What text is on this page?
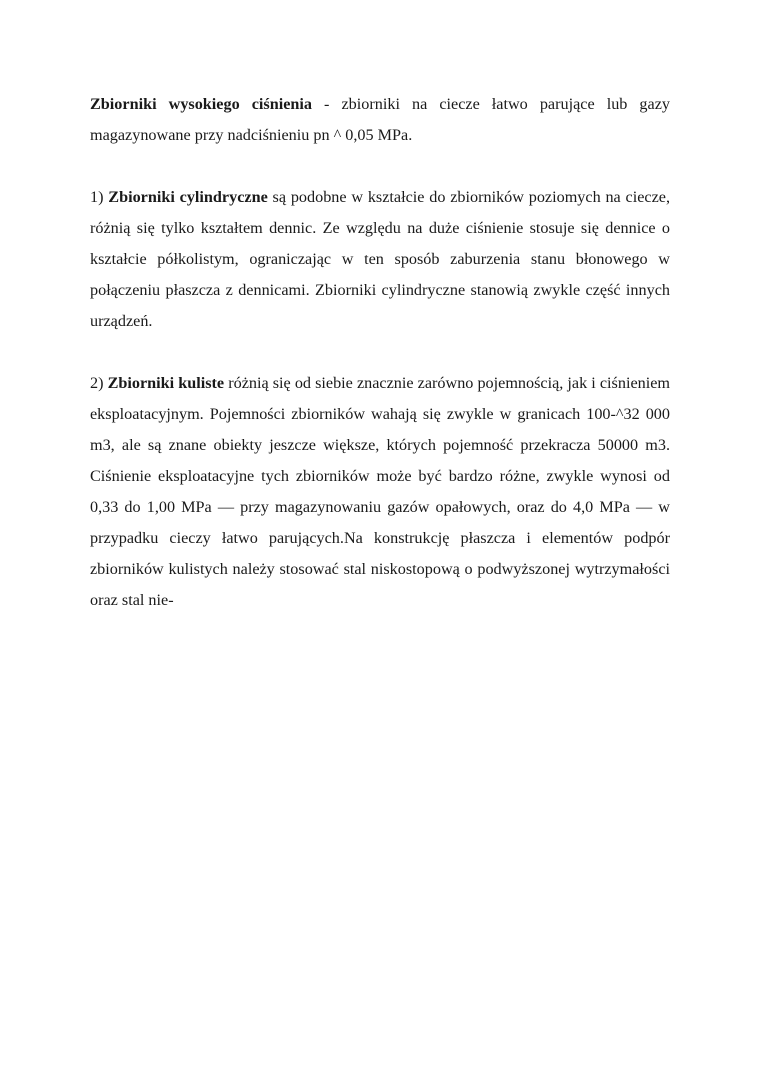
Zbiorniki wysokiego ciśnienia - zbiorniki na ciecze łatwo parujące lub gazy magazynowane przy nadciśnieniu pn ^ 0,05 MPa.

1) Zbiorniki cylindryczne są podobne w kształcie do zbiorników poziomych na ciecze, różnią się tylko kształtem dennic. Ze względu na duże ciśnienie stosuje się dennice o kształcie półkolistym, ograniczając w ten sposób zaburzenia stanu błonowego w połączeniu płaszcza z dennicami. Zbiorniki cylindryczne stanowią zwykle część innych urządzeń.

2) Zbiorniki kuliste różnią się od siebie znacznie zarówno pojemnością, jak i ciśnieniem eksploatacyjnym. Pojemności zbiorników wahają się zwykle w granicach 100-^32 000 m3, ale są znane obiekty jeszcze większe, których pojemność przekracza 50000 m3. Ciśnienie eksploatacyjne tych zbiorników może być bardzo różne, zwykle wynosi od 0,33 do 1,00 MPa — przy magazynowaniu gazów opałowych, oraz do 4,0 MPa — w przypadku cieczy łatwo parujących.Na konstrukcję płaszcza i elementów podpór zbiorników kulistych należy stosować stal niskostopową o podwyższonej wytrzymałości oraz stal nie-
